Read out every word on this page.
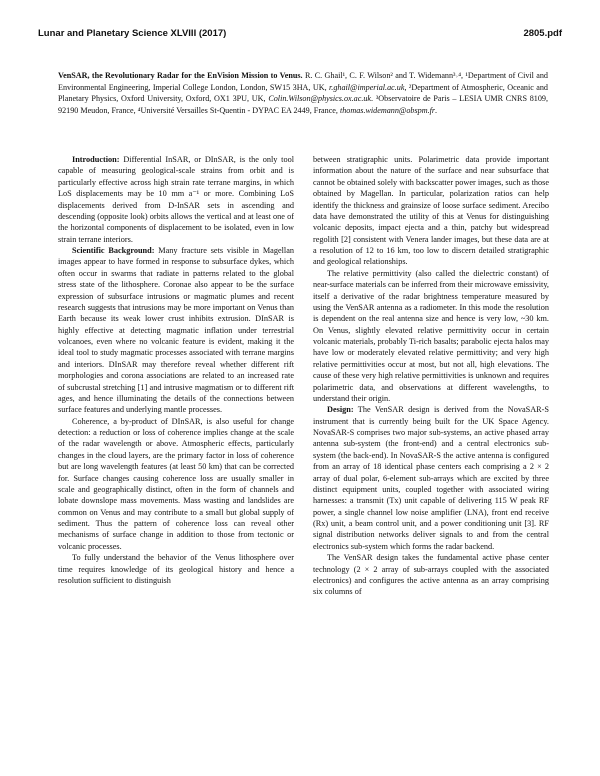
Lunar and Planetary Science XLVIII (2017)	2805.pdf
VenSAR, the Revolutionary Radar for the EnVision Mission to Venus. R. C. Ghail¹, C. F. Wilson² and T. Widemann³˒⁴, ¹Department of Civil and Environmental Engineering, Imperial College London, London, SW15 3HA, UK, r.ghail@imperial.ac.uk, ²Department of Atmospheric, Oceanic and Planetary Physics, Oxford University, Oxford, OX1 3PU, UK, Colin.Wilson@physics.ox.ac.uk. ³Observatoire de Paris – LESIA UMR CNRS 8109, 92190 Meudon, France, ⁴Université Versailles St-Quentin - DYPAC EA 2449, France, thomas.widemann@obspm.fr.

Introduction: Differential InSAR, or DInSAR, is the only tool capable of measuring geological-scale strains from orbit and is particularly effective across high strain rate terrane margins, in which LoS displacements may be 10 mm a⁻¹ or more. Combining LoS displacements derived from D-InSAR sets in ascending and descending (opposite look) orbits allows the vertical and at least one of the horizontal components of displacement to be isolated, even in low strain terrane interiors.

Scientific Background: Many fracture sets visible in Magellan images appear to have formed in response to subsurface dykes, which often occur in swarms that radiate in patterns related to the global stress state of the lithosphere. Coronae also appear to be the surface expression of subsurface intrusions or magmatic plumes and recent research suggests that intrusions may be more important on Venus than Earth because its weak lower crust inhibits extrusion. DInSAR is highly effective at detecting magmatic inflation under terrestrial volcanoes, even where no volcanic feature is evident, making it the ideal tool to study magmatic processes associated with terrane margins and interiors. DInSAR may therefore reveal whether different rift morphologies and corona associations are related to an increased rate of subcrustal stretching [1] and intrusive magmatism or to different rift ages, and hence illuminating the details of the connections between surface features and underlying mantle processes.

Coherence, a by-product of DInSAR, is also useful for change detection: a reduction or loss of coherence implies change at the scale of the radar wavelength or above. Atmospheric effects, particularly changes in the cloud layers, are the primary factor in loss of coherence but are long wavelength features (at least 50 km) that can be corrected for. Surface changes causing coherence loss are usually smaller in scale and geographically distinct, often in the form of channels and lobate downslope mass movements. Mass wasting and landslides are common on Venus and may contribute to a small but global supply of sediment. Thus the pattern of coherence loss can reveal other mechanisms of surface change in addition to those from tectonic or volcanic processes.

To fully understand the behavior of the Venus lithosphere over time requires knowledge of its geological history and hence a resolution sufficient to distinguish

between stratigraphic units. Polarimetric data provide important information about the nature of the surface and near subsurface that cannot be obtained solely with backscatter power images, such as those obtained by Magellan. In particular, polarization ratios can help identify the thickness and grainsize of loose surface sediment. Arecibo data have demonstrated the utility of this at Venus for distinguishing volcanic deposits, impact ejecta and a thin, patchy but widespread regolith [2] consistent with Venera lander images, but these data are at a resolution of 12 to 16 km, too low to discern detailed stratigraphic and geological relationships.

The relative permittivity (also called the dielectric constant) of near-surface materials can be inferred from their microwave emissivity, itself a derivative of the radar brightness temperature measured by using the VenSAR antenna as a radiometer. In this mode the resolution is dependent on the real antenna size and hence is very low, ~30 km. On Venus, slightly elevated relative permittivity occur in certain volcanic materials, probably Ti-rich basalts; parabolic ejecta halos may have low or moderately elevated relative permittivity; and very high relative permittivities occur at most, but not all, high elevations. The cause of these very high relative permittivities is unknown and requires polarimetric data, and observations at different wavelengths, to understand their origin.

Design: The VenSAR design is derived from the NovaSAR-S instrument that is currently being built for the UK Space Agency. NovaSAR-S comprises two major sub-systems, an active phased array antenna sub-system (the front-end) and a central electronics sub-system (the back-end). In NovaSAR-S the active antenna is configured from an array of 18 identical phase centers each comprising a 2 × 2 array of dual polar, 6-element sub-arrays which are excited by three distinct equipment units, coupled together with associated wiring harnesses: a transmit (Tx) unit capable of delivering 115 W peak RF power, a single channel low noise amplifier (LNA), front end receive (Rx) unit, a beam control unit, and a power conditioning unit [3]. RF signal distribution networks deliver signals to and from the central electronics sub-system which forms the radar backend.

The VenSAR design takes the fundamental active phase center technology (2 × 2 array of sub-arrays coupled with the associated electronics) and configures the active antenna as an array comprising six columns of
